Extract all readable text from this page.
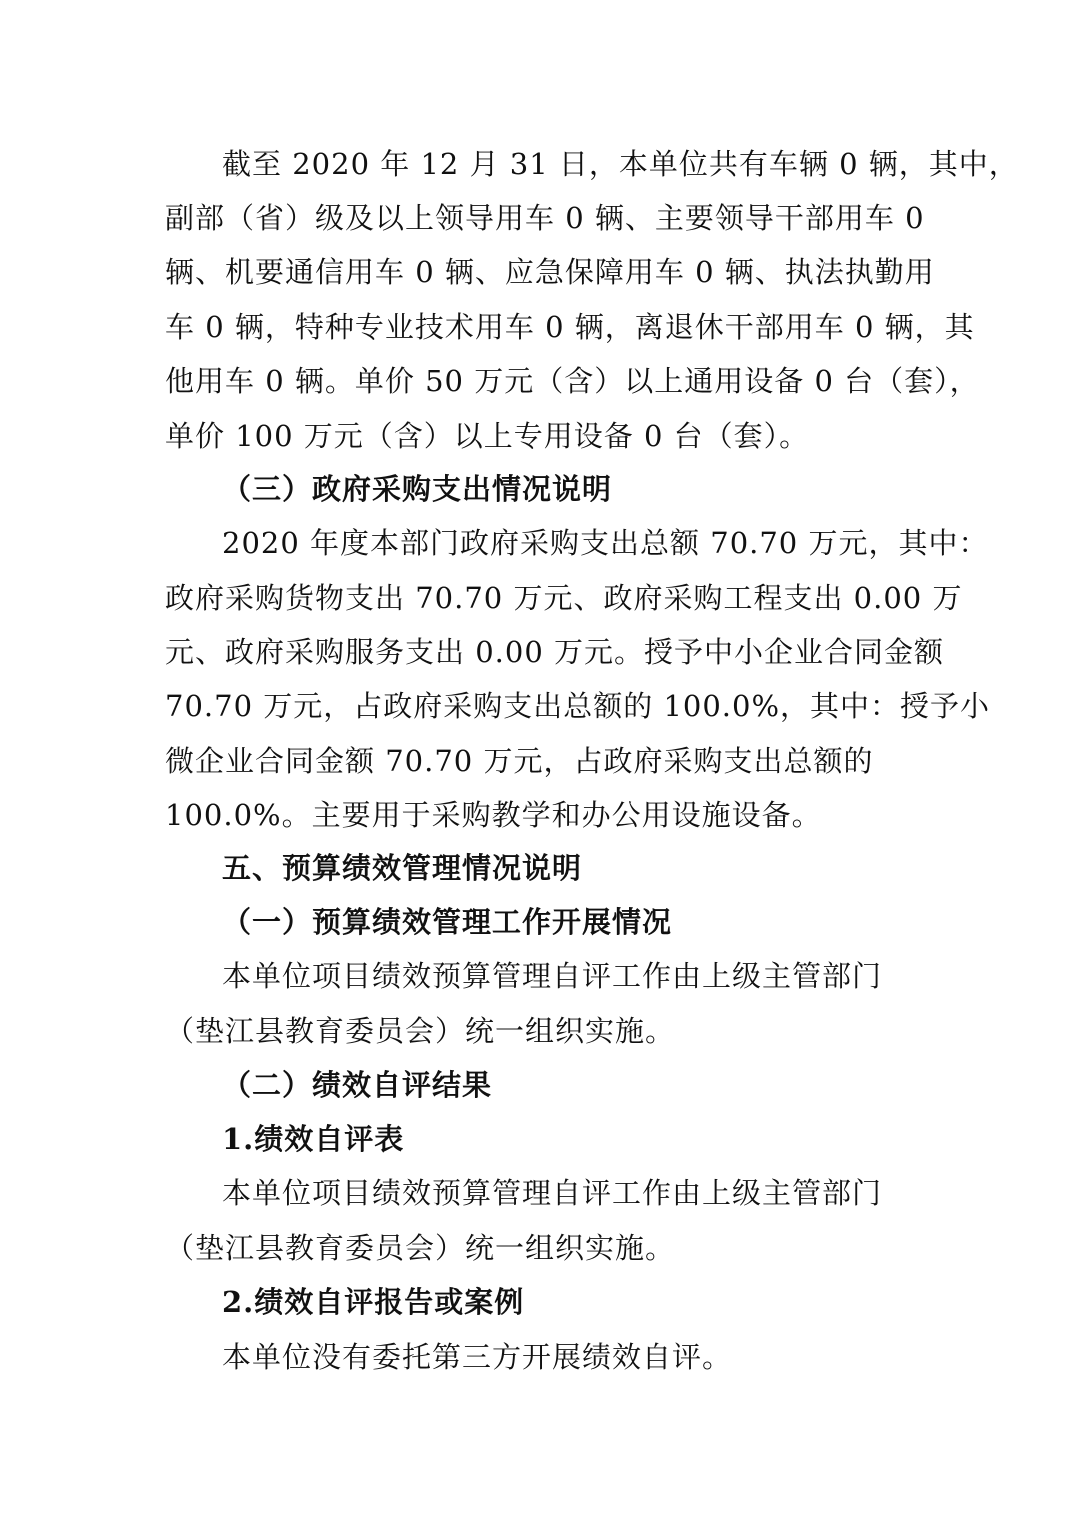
截至 2020 年 12 月 31 日，本单位共有车辆 0 辆，其中，
副部（省）级及以上领导用车 0 辆、主要领导干部用车 0
辆、机要通信用车 0 辆、应急保障用车 0 辆、执法执勤用
车 0 辆，特种专业技术用车 0 辆，离退休干部用车 0 辆，其
他用车 0 辆。单价 50 万元（含）以上通用设备 0 台（套），
单价 100 万元（含）以上专用设备 0 台（套）。
（三）政府采购支出情况说明
2020 年度本部门政府采购支出总额 70.70 万元，其中：
政府采购货物支出 70.70 万元、政府采购工程支出 0.00 万
元、政府采购服务支出 0.00 万元。授予中小企业合同金额
70.70 万元，占政府采购支出总额的 100.0%，其中：授予小
微企业合同金额 70.70 万元，占政府采购支出总额的
100.0%。主要用于采购教学和办公用设施设备。
五、预算绩效管理情况说明
（一）预算绩效管理工作开展情况
本单位项目绩效预算管理自评工作由上级主管部门
（垫江县教育委员会）统一组织实施。
（二）绩效自评结果
1.绩效自评表
本单位项目绩效预算管理自评工作由上级主管部门
（垫江县教育委员会）统一组织实施。
2.绩效自评报告或案例
本单位没有委托第三方开展绩效自评。
